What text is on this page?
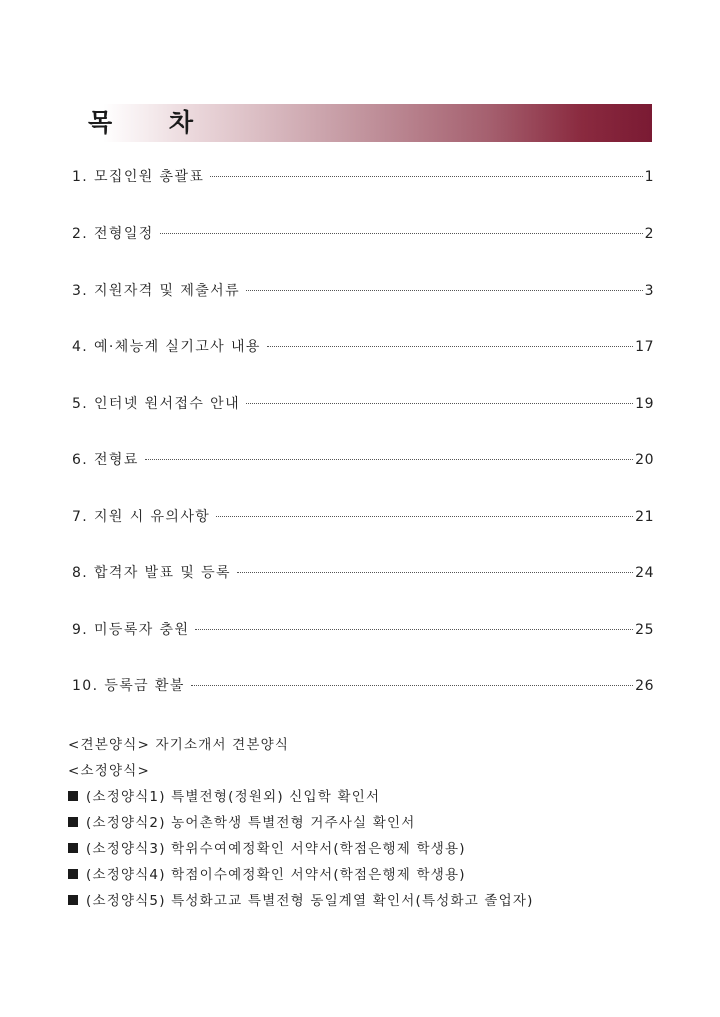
목 차
1. 모집인원 총괄표	1
2. 전형일정	2
3. 지원자격 및 제출서류	3
4. 예·체능계 실기고사 내용	17
5. 인터넷 원서접수 안내	19
6. 전형료	20
7. 지원 시 유의사항	21
8. 합격자 발표 및 등록	24
9. 미등록자 충원	25
10. 등록금 환불	26
<견본양식> 자기소개서 견본양식
<소정양식>
(소정양식1) 특별전형(정원외) 신입학 확인서
(소정양식2) 농어촌학생 특별전형 거주사실 확인서
(소정양식3) 학위수여예정확인 서약서(학점은행제 학생용)
(소정양식4) 학점이수예정확인 서약서(학점은행제 학생용)
(소정양식5) 특성화고교 특별전형 동일계열 확인서(특성화고 졸업자)
